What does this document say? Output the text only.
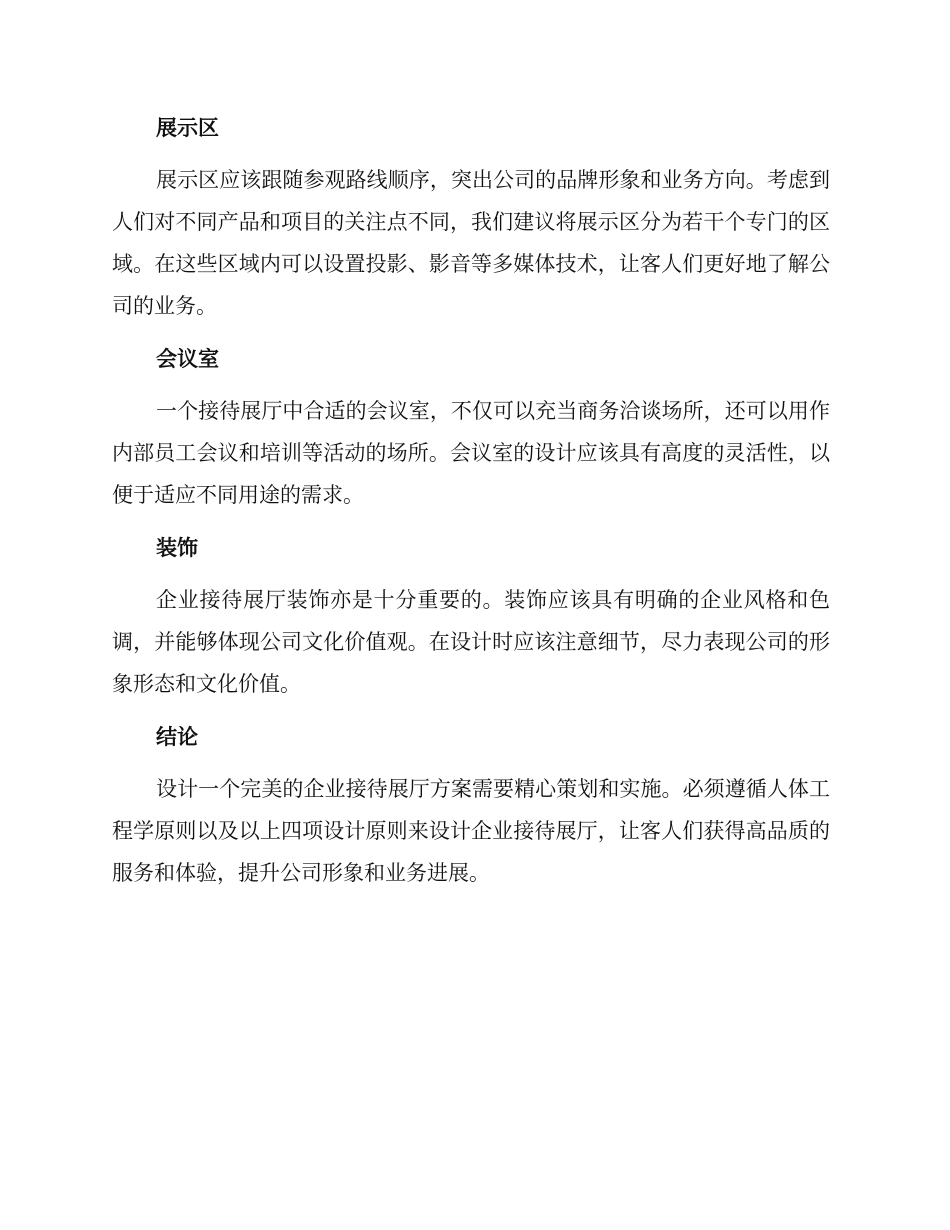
展示区

展示区应该跟随参观路线顺序，突出公司的品牌形象和业务方向。考虑到人们对不同产品和项目的关注点不同，我们建议将展示区分为若干个专门的区域。在这些区域内可以设置投影、影音等多媒体技术，让客人们更好地了解公司的业务。

会议室

一个接待展厅中合适的会议室，不仅可以充当商务洽谈场所，还可以用作内部员工会议和培训等活动的场所。会议室的设计应该具有高度的灵活性，以便于适应不同用途的需求。

装饰

企业接待展厅装饰亦是十分重要的。装饰应该具有明确的企业风格和色调，并能够体现公司文化价值观。在设计时应该注意细节，尽力表现公司的形象形态和文化价值。

结论

设计一个完美的企业接待展厅方案需要精心策划和实施。必须遵循人体工程学原则以及以上四项设计原则来设计企业接待展厅，让客人们获得高品质的服务和体验，提升公司形象和业务进展。
